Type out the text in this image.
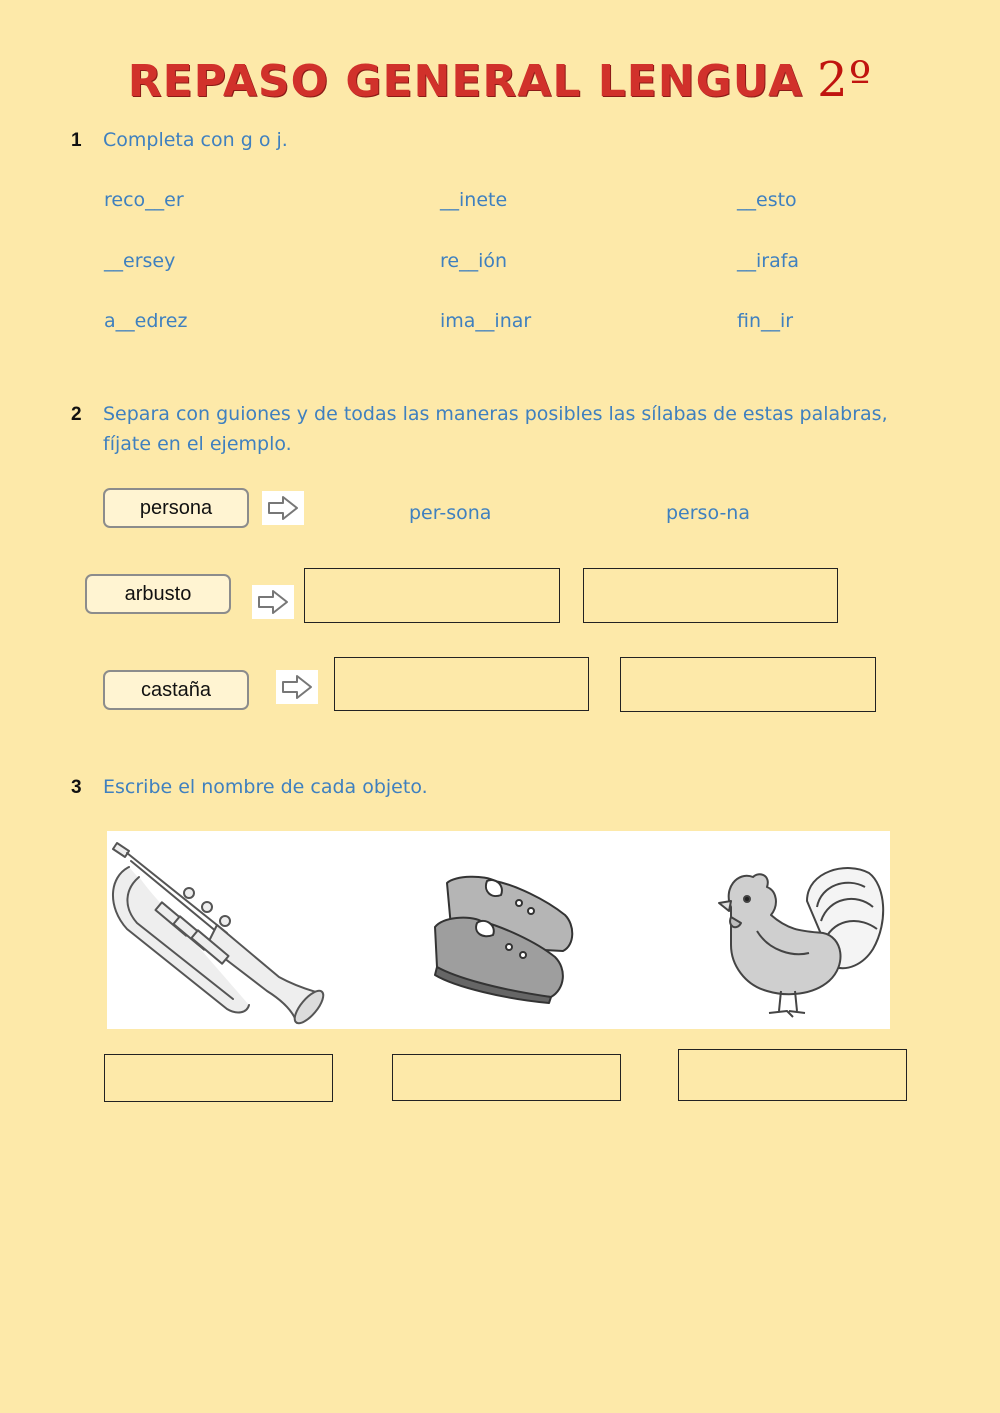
REPASO GENERAL LENGUA 2º
1 Completa con g o j.
reco__er	__inete	__esto
__ersey	re__ión	__irafa
a__edrez	ima__inar	fin__ir
2 Separa con guiones y de todas las maneras posibles las sílabas de estas palabras,
fíjate en el ejemplo.
persona	per-sona	perso-na
arbusto
castaña
3 Escribe el nombre de cada objeto.
